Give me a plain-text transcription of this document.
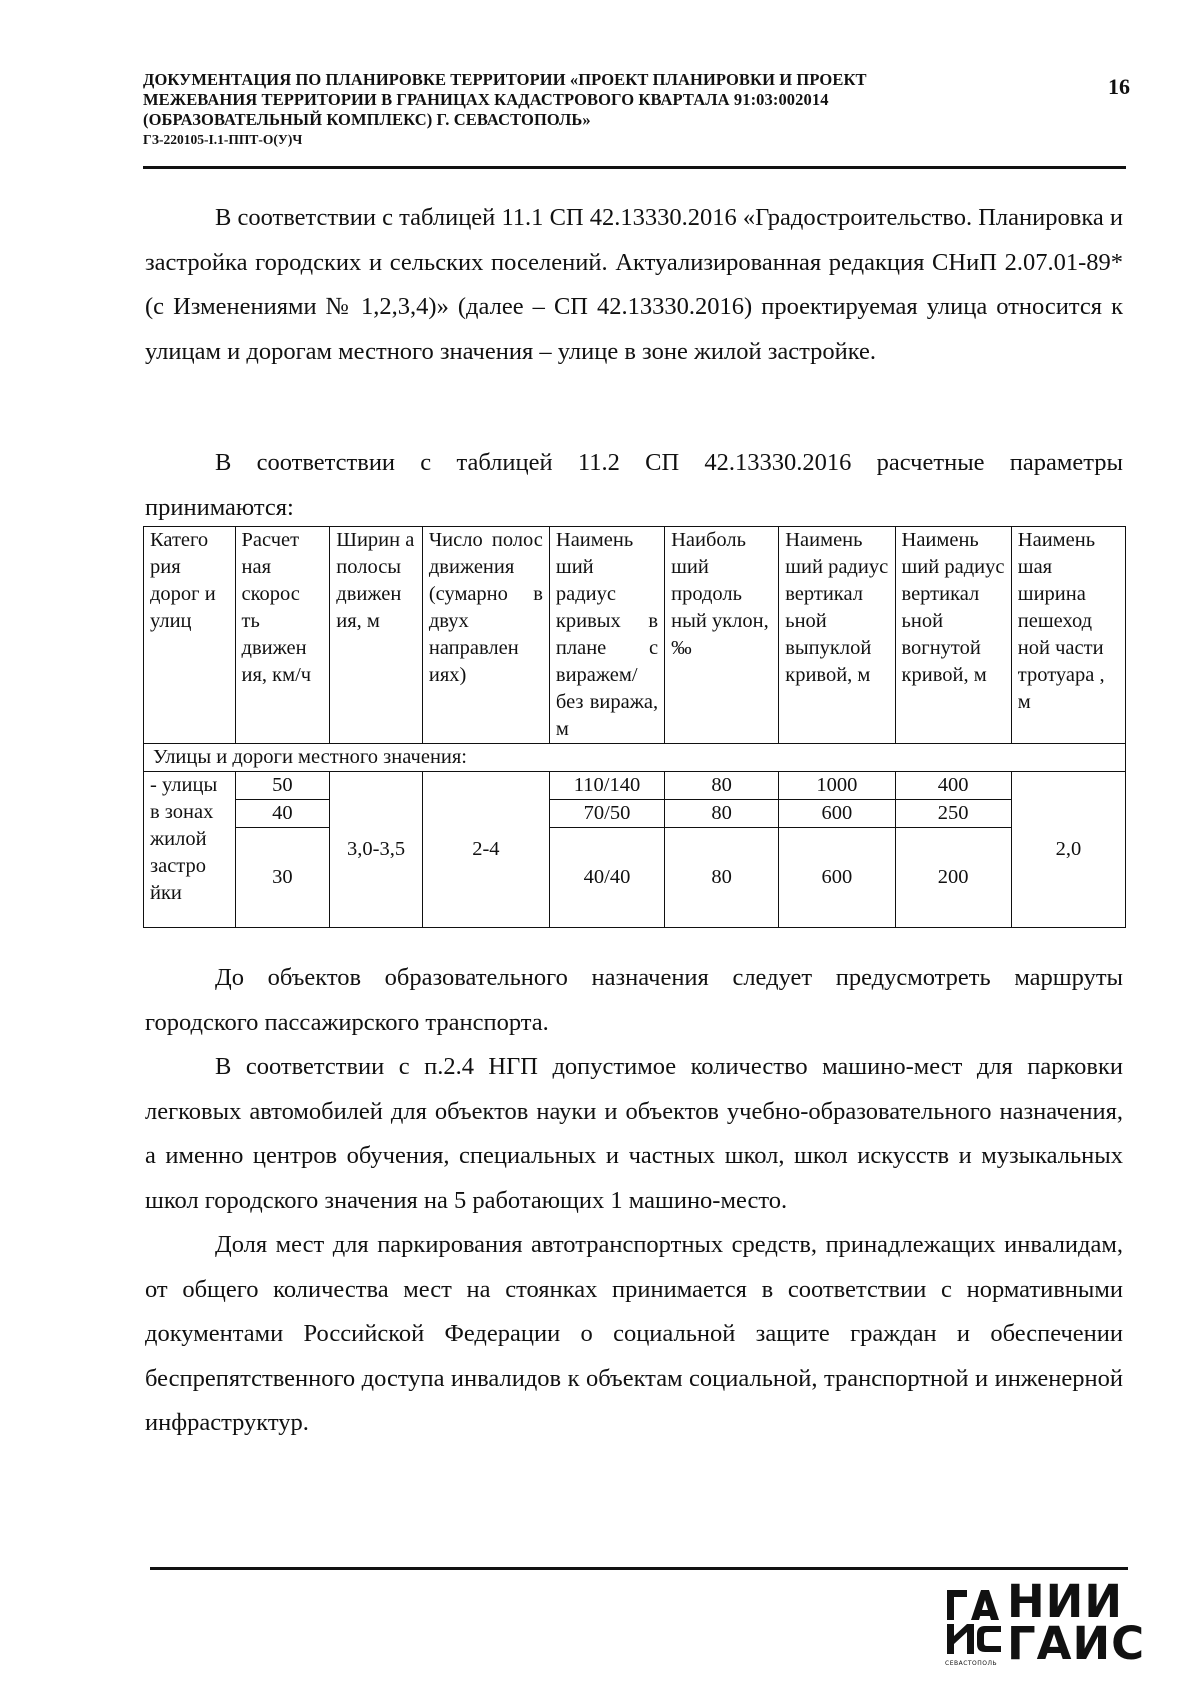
ДОКУМЕНТАЦИЯ ПО ПЛАНИРОВКЕ ТЕРРИТОРИИ «ПРОЕКТ ПЛАНИРОВКИ И ПРОЕКТ

МЕЖЕВАНИЯ ТЕРРИТОРИИ В ГРАНИЦАХ КАДАСТРОВОГО КВАРТАЛА 91:03:002014

(ОБРАЗОВАТЕЛЬНЫЙ КОМПЛЕКС) Г. СЕВАСТОПОЛЬ»

ГЗ-220105-I.1-ППТ-О(У)Ч

16

В соответствии с таблицей 11.1 СП 42.13330.2016 «Градостроительство. Планировка и застройка городских и сельских поселений. Актуализированная редакция СНиП 2.07.01-89* (с Изменениями № 1,2,3,4)» (далее – СП 42.13330.2016) проектируемая улица относится к улицам и дорогам местного значения – улице в зоне жилой застройке.

В соответствии с таблицей 11.2 СП 42.13330.2016 расчетные параметры принимаются:

Катего рия дорог и улиц	Расчет ная скорос ть движен ия, км/ч	Ширин а полосы движен ия, м	Число полос движения (сумарно в двух направлен иях)	Наимень ший радиус кривых в плане с виражем/ без виража, м	Наиболь ший продоль ный уклон, ‰	Наимень ший радиус вертикал ьной выпуклой кривой, м	Наимень ший радиус вертикал ьной вогнутой кривой, м	Наимень шая ширина пешеход ной части тротуара , м
Улицы и дороги местного значения:								
- улицы в зонах жилой застро йки	50	3,0-3,5	2-4	110/140	80	1000	400	2,0
	40			70/50	80	600	250	
	30			40/40	80	600	200	

До объектов образовательного назначения следует предусмотреть маршруты городского пассажирского транспорта.

В соответствии с п.2.4 НГП допустимое количество машино-мест для парковки легковых автомобилей для объектов науки и объектов учебно-образовательного назначения, а именно центров обучения, специальных и частных школ, школ искусств и музыкальных школ городского значения на 5 работающих 1 машино-место.

Доля мест для паркирования автотранспортных средств, принадлежащих инвалидам, от общего количества мест на стоянках принимается в соответствии с нормативными документами Российской Федерации о социальной защите граждан и обеспечении беспрепятственного доступа инвалидов к объектам социальной, транспортной и инженерной инфраструктур.

НИИ
ГАИС
СЕВАСТОПОЛЬ
